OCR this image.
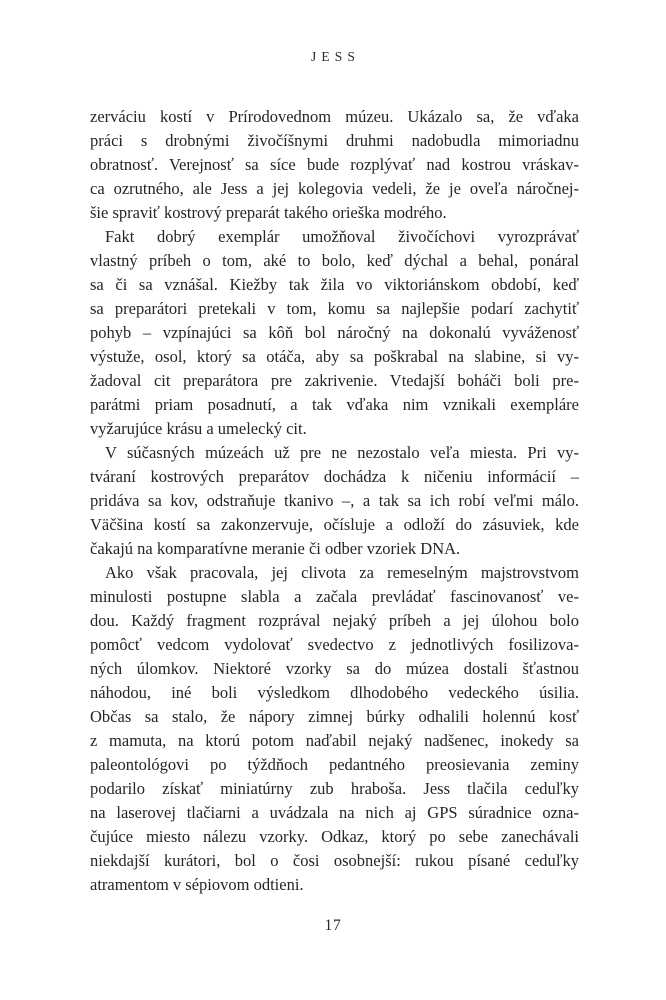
JESS

zerváciu kostí v Prírodovednom múzeu. Ukázalo sa, že vďaka
práci s drobnými živočíšnymi druhmi nadobudla mimoriadnu
obratnosť. Verejnosť sa síce bude rozplývať nad kostrou vráskav-
ca ozrutného, ale Jess a jej kolegovia vedeli, že je oveľa náročnej-
šie spraviť kostrový preparát takého orieška modrého.

Fakt dobrý exemplár umožňoval živočíchovi vyrozprávať
vlastný príbeh o tom, aké to bolo, keď dýchal a behal, ponáral
sa či sa vznášal. Kiežby tak žila vo viktoriánskom období, keď
sa preparátori pretekali v tom, komu sa najlepšie podarí zachytiť
pohyb – vzpínajúci sa kôň bol náročný na dokonalú vyváženosť
výstuže, osol, ktorý sa otáča, aby sa poškrabal na slabine, si vy-
žadoval cit preparátora pre zakrivenie. Vtedajší boháči boli pre-
parátmi priam posadnutí, a tak vďaka nim vznikali exempláre
vyžarujúce krásu a umelecký cit.

V súčasných múzeách už pre ne nezostalo veľa miesta. Pri vy-
tváraní kostrových preparátov dochádza k ničeniu informácií –
pridáva sa kov, odstraňuje tkanivo –, a tak sa ich robí veľmi málo.
Väčšina kostí sa zakonzervuje, očísluje a odloží do zásuviek, kde
čakajú na komparatívne meranie či odber vzoriek DNA.

Ako však pracovala, jej clivota za remeselným majstrovstvom
minulosti postupne slabla a začala prevládať fascinovanosť ve-
dou. Každý fragment rozprával nejaký príbeh a jej úlohou bolo
pomôcť vedcom vydolovať svedectvo z jednotlivých fosilizova-
ných úlomkov. Niektoré vzorky sa do múzea dostali šťastnou
náhodou, iné boli výsledkom dlhodobého vedeckého úsilia.
Občas sa stalo, že nápory zimnej búrky odhalili holennú kosť
z mamuta, na ktorú potom naďabil nejaký nadšenec, inokedy sa
paleontológovi po týždňoch pedantného preosievania zeminy
podarilo získať miniatúrny zub hraboša. Jess tlačila ceduľky
na laserovej tlačiarni a uvádzala na nich aj GPS súradnice ozna-
čujúce miesto nálezu vzorky. Odkaz, ktorý po sebe zanechávali
niekdajší kurátori, bol o čosi osobnejší: rukou písané ceduľky
atramentom v sépiovom odtieni.

17
